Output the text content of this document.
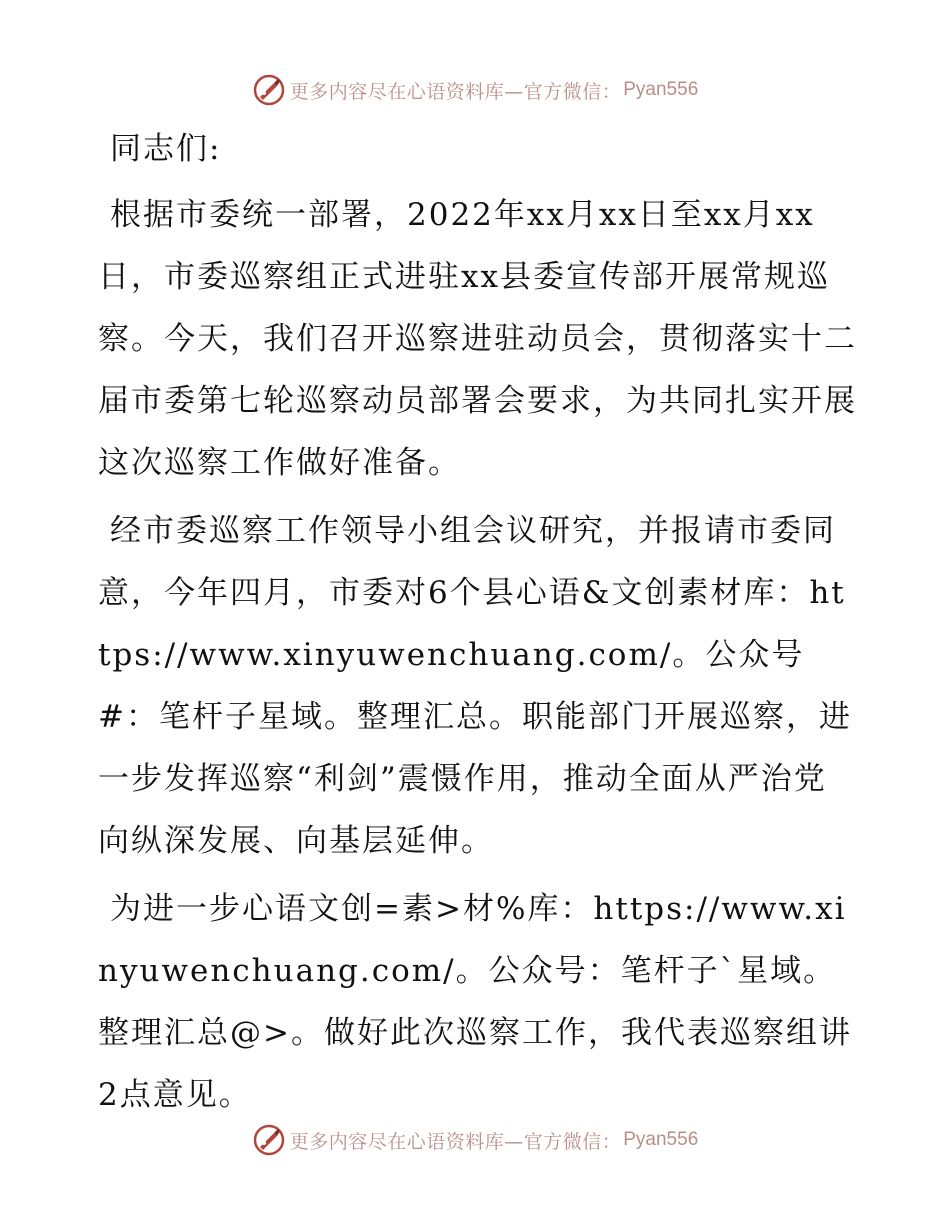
更多内容尽在心语资料库—官方微信： Pyan556

同志们:

根据市委统一部署，2022年xx月xx日至xx月xx日，市委巡察组正式进驻xx县委宣传部开展常规巡察。今天，我们召开巡察进驻动员会，贯彻落实十二届市委第七轮巡察动员部署会要求，为共同扎实开展这次巡察工作做好准备。

经市委巡察工作领导小组会议研究，并报请市委同意，今年四月，市委对6个县心语&文创素材库：https://www.xinyuwenchuang.com/。公众号#：笔杆子星域。整理汇总。职能部门开展巡察，进一步发挥巡察“利剑”震慑作用，推动全面从严治党向纵深发展、向基层延伸。

为进一步心语文创=素>材%库：https://www.xinyuwenchuang.com/。公众号：笔杆子`星域。整理汇总@>。做好此次巡察工作，我代表巡察组讲2点意见。

更多内容尽在心语资料库—官方微信： Pyan556
